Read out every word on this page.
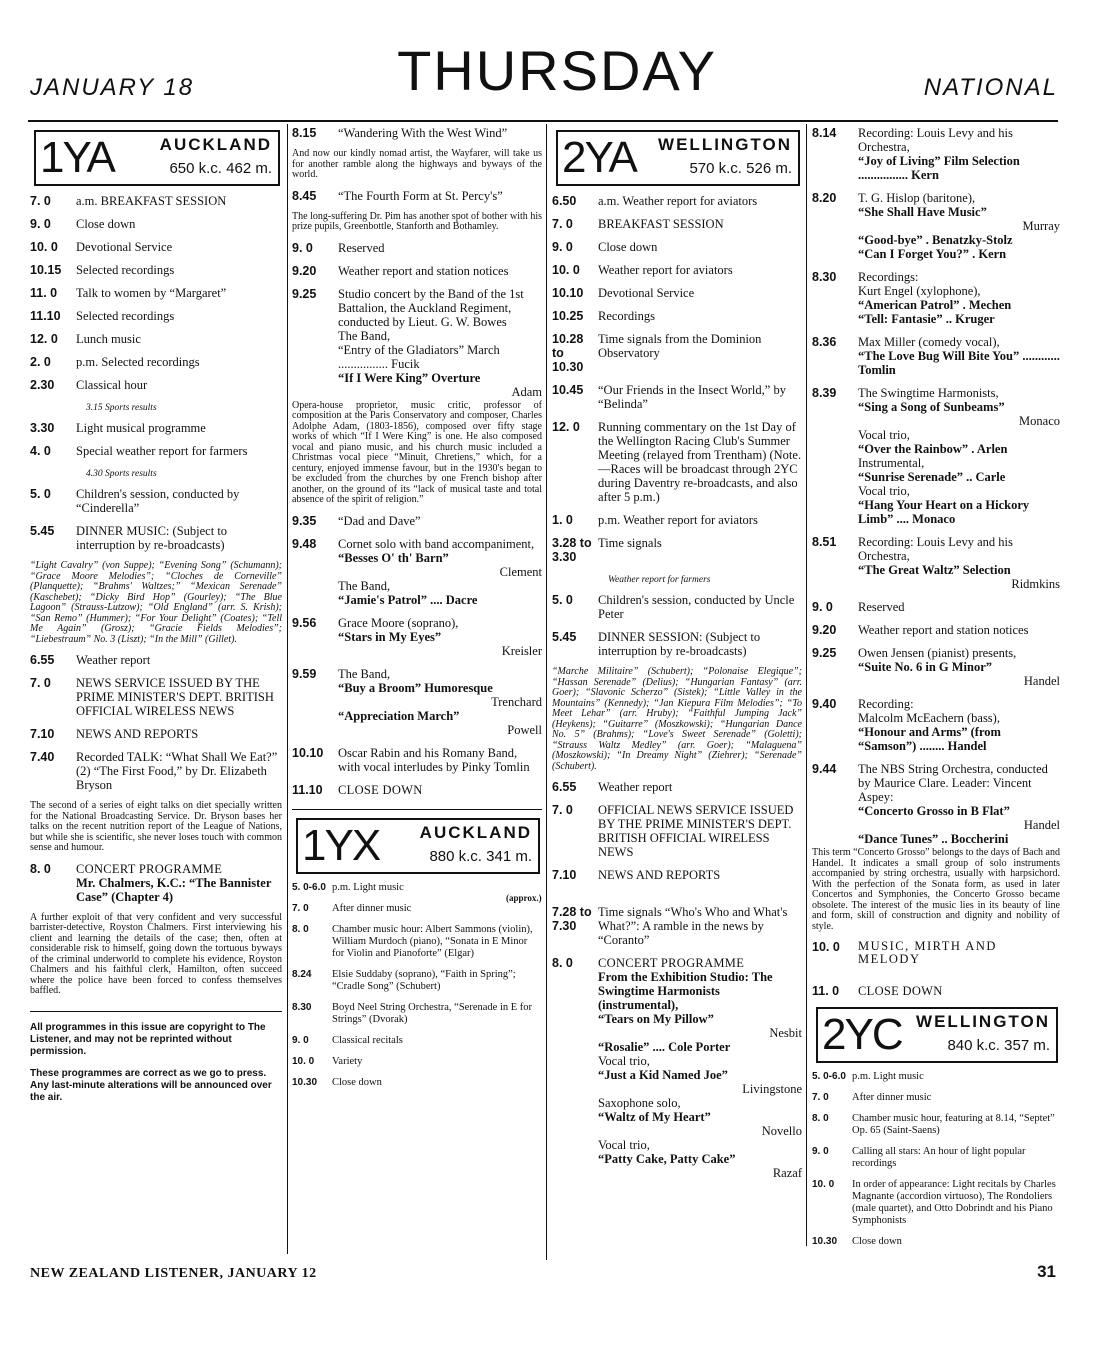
JANUARY 18	THURSDAY	NATIONAL
1YA	AUCKLAND
650 k.c. 462 m.
7. 0	a.m. BREAKFAST SESSION
9. 0	Close down
10. 0	Devotional Service
10.15	Selected recordings
11. 0	Talk to women by “Margaret”
11.10	Selected recordings
12. 0	Lunch music
2. 0	p.m. Selected recordings
2.30	Classical hour
3.15 Sports results
3.30	Light musical programme
4. 0	Special weather report for farmers
4.30 Sports results
5. 0	Children's session, conducted by “Cinderella”
5.45	DINNER MUSIC: (Subject to interruption by re-broadcasts)
“Light Cavalry” (von Suppe); “Evening Song” (Schumann); “Grace Moore Melodies”; “Cloches de Corneville” (Planquette); “Brahms' Waltzes;” “Mexican Serenade” (Kaschebet); “Dicky Bird Hop” (Gourley); “The Blue Lagoon” (Strauss-Lutzow); “Old England” (arr. S. Krish); “San Remo” (Hummer); “For Your Delight” (Coates); “Tell Me Again” (Grosz); “Gracie Fields Melodies”; “Liebestraum” No. 3 (Liszt); “In the Mill” (Gillet).
6.55	Weather report
7. 0	NEWS SERVICE ISSUED BY THE PRIME MINISTER'S DEPT. BRITISH OFFICIAL WIRELESS NEWS
7.10	NEWS AND REPORTS
7.40	Recorded TALK: “What Shall We Eat?” (2) “The First Food,” by Dr. Elizabeth Bryson
The second of a series of eight talks on diet specially written for the National Broadcasting Service. Dr. Bryson bases her talks on the recent nutrition report of the League of Nations, but while she is scientific, she never loses touch with common sense and humour.
8. 0	CONCERT PROGRAMME
Mr. Chalmers, K.C.: “The Bannister Case” (Chapter 4)
A further exploit of that very confident and very successful barrister-detective, Royston Chalmers. First interviewing his client and learning the details of the case; then, often at considerable risk to himself, going down the tortuous byways of the criminal underworld to complete his evidence, Royston Chalmers and his faithful clerk, Hamilton, often succeed where the police have been forced to confess themselves baffled.

All programmes in this issue are copyright to The Listener, and may not be reprinted without permission.

These programmes are correct as we go to press. Any last-minute alterations will be announced over the air.

8.15	“Wandering With the West Wind”
And now our kindly nomad artist, the Wayfarer, will take us for another ramble along the highways and byways of the world.
8.45	“The Fourth Form at St. Percy's”
The long-suffering Dr. Pim has another spot of bother with his prize pupils, Greenbottle, Stanforth and Bothamley.
9. 0	Reserved
9.20	Weather report and station notices
9.25	Studio concert by the Band of the 1st Battalion, the Auckland Regiment, conducted by Lieut. G. W. Bowes
The Band,
“Entry of the Gladiators” March ................ Fucik
“If I Were King” Overture
Adam
Opera-house proprietor, music critic, professor of composition at the Paris Conservatory and composer, Charles Adolphe Adam, (1803-1856), composed over fifty stage works of which “If I Were King” is one. He also composed vocal and piano music, and his church music included a Christmas vocal piece “Minuit, Chretiens,” which, for a century, enjoyed immense favour, but in the 1930's began to be excluded from the churches by one French bishop after another, on the ground of its “lack of musical taste and total absence of the spirit of religion.”
9.35	“Dad and Dave”
9.48	Cornet solo with band accompaniment,
“Besses O' th' Barn”
Clement
The Band,
“Jamie's Patrol” .... Dacre
9.56	Grace Moore (soprano),
“Stars in My Eyes”
Kreisler
9.59	The Band,
“Buy a Broom” Humoresque
Trenchard
“Appreciation March”
Powell
10.10	Oscar Rabin and his Romany Band, with vocal interludes by Pinky Tomlin
11.10	CLOSE DOWN
1YX AUCKLAND
880 k.c. 341 m.
5. 0-6.0 p.m. Light music
7. 0	After dinner music
8. 0	Chamber music hour: Albert Sammons (violin), William Murdoch (piano), “Sonata in E Minor for Violin and Pianoforte” (Elgar)
8.24	Elsie Suddaby (soprano), “Faith in Spring”; “Cradle Song” (Schubert)
8.30	Boyd Neel String Orchestra, “Serenade in E for Strings” (Dvorak)
9. 0	Classical recitals
10. 0	Variety
10.30	Close down
2YA WELLINGTON
570 k.c. 526 m.
6.50	a.m. Weather report for aviators
7. 0	BREAKFAST SESSION
9. 0	Close down
10. 0	Weather report for aviators
10.10	Devotional Service
10.25	Recordings
10.28 to 10.30
Time signals from the Dominion Observatory
10.45	“Our Friends in the Insect World,” by “Belinda”
12. 0	Running commentary on the 1st Day of the Wellington Racing Club's Summer Meeting (relayed from Trentham) (Note.—Races will be broadcast through 2YC during Daventry re-broadcasts, and also after 5 p.m.)
1. 0	p.m. Weather report for aviators
3.28 to 3.30
Time signals
Weather report for farmers
5. 0	Children's session, conducted by Uncle Peter
5.45	DINNER SESSION: (Subject to interruption by re-broadcasts)
“Marche Militaire” (Schubert); “Polonaise Elegique”; “Hassan Serenade” (Delius); “Hungarian Fantasy” (arr. Goer); “Slavonic Scherzo” (Sistek); “Little Valley in the Mountains” (Kennedy); “Jan Kiepura Film Melodies”; “To Meet Lehar” (arr. Hruby); “Faithful Jumping Jack” (Heykens); “Guitarre” (Moszkowski); “Hungarian Dance No. 5” (Brahms); “Love's Sweet Serenade” (Goletti); “Strauss Waltz Medley” (arr. Goer); “Malaguena” (Moszkowski); “In Dreamy Night” (Ziehrer); “Serenade” (Schubert).
6.55	Weather report
7. 0	OFFICIAL NEWS SERVICE ISSUED BY THE PRIME MINISTER'S DEPT. BRITISH OFFICIAL WIRELESS NEWS
7.10	NEWS AND REPORTS
(approx.)
7.28 to 7.30
Time signals “Who's Who and What's What?”: A ramble in the news by “Coranto”
8. 0	CONCERT PROGRAMME
From the Exhibition Studio: The Swingtime Harmonists (instrumental),
“Tears on My Pillow”
Nesbit
“Rosalie” .... Cole Porter
Vocal trio,
“Just a Kid Named Joe”
Livingstone
Saxophone solo,
“Waltz of My Heart”
Novello
Vocal trio,
“Patty Cake, Patty Cake”
Razaf
8.14	Recording: Louis Levy and his Orchestra,
“Joy of Living” Film Selection ................ Kern
8.20	T. G. Hislop (baritone),
“She Shall Have Music”
Murray
“Good-bye” . Benatzky-Stolz
“Can I Forget You?” . Kern
8.30	Recordings:
Kurt Engel (xylophone),
“American Patrol” . Mechen
“Tell: Fantasie” .. Kruger
8.36	Max Miller (comedy vocal),
“The Love Bug Will Bite You” ............ Tomlin
8.39	The Swingtime Harmonists,
“Sing a Song of Sunbeams”
Monaco
Vocal trio,
“Over the Rainbow” . Arlen
Instrumental,
“Sunrise Serenade” .. Carle
Vocal trio,
“Hang Your Heart on a Hickory Limb” .... Monaco
8.51	Recording: Louis Levy and his Orchestra,
“The Great Waltz” Selection
Ridmkins
9. 0	Reserved
9.20	Weather report and station notices
9.25	Owen Jensen (pianist) presents,
“Suite No. 6 in G Minor”
Handel
9.40	Recording:
Malcolm McEachern (bass),
“Honour and Arms” (from “Samson”) ........ Handel
9.44	The NBS String Orchestra, conducted by Maurice Clare. Leader: Vincent Aspey:
“Concerto Grosso in B Flat”
Handel
“Dance Tunes” .. Boccherini
This term “Concerto Grosso” belongs to the days of Bach and Handel. It indicates a small group of solo instruments accompanied by string orchestra, usually with harpsichord. With the perfection of the Sonata form, as used in later Concertos and Symphonies, the Concerto Grosso became obsolete. The interest of the music lies in its beauty of line and form, skill of construction and dignity and nobility of style.
10. 0	MUSIC, MIRTH AND MELODY
11. 0	CLOSE DOWN
2YC WELLINGTON
840 k.c. 357 m.
5. 0-6.0 p.m. Light music
7. 0	After dinner music
8. 0	Chamber music hour, featuring at 8.14, “Septet” Op. 65 (Saint-Saens)
9. 0	Calling all stars: An hour of light popular recordings
10. 0	In order of appearance: Light recitals by Charles Magnante (accordion virtuoso), The Rondoliers (male quartet), and Otto Dobrindt and his Piano Symphonists
10.30	Close down
NEW ZEALAND LISTENER, JANUARY 12	31
